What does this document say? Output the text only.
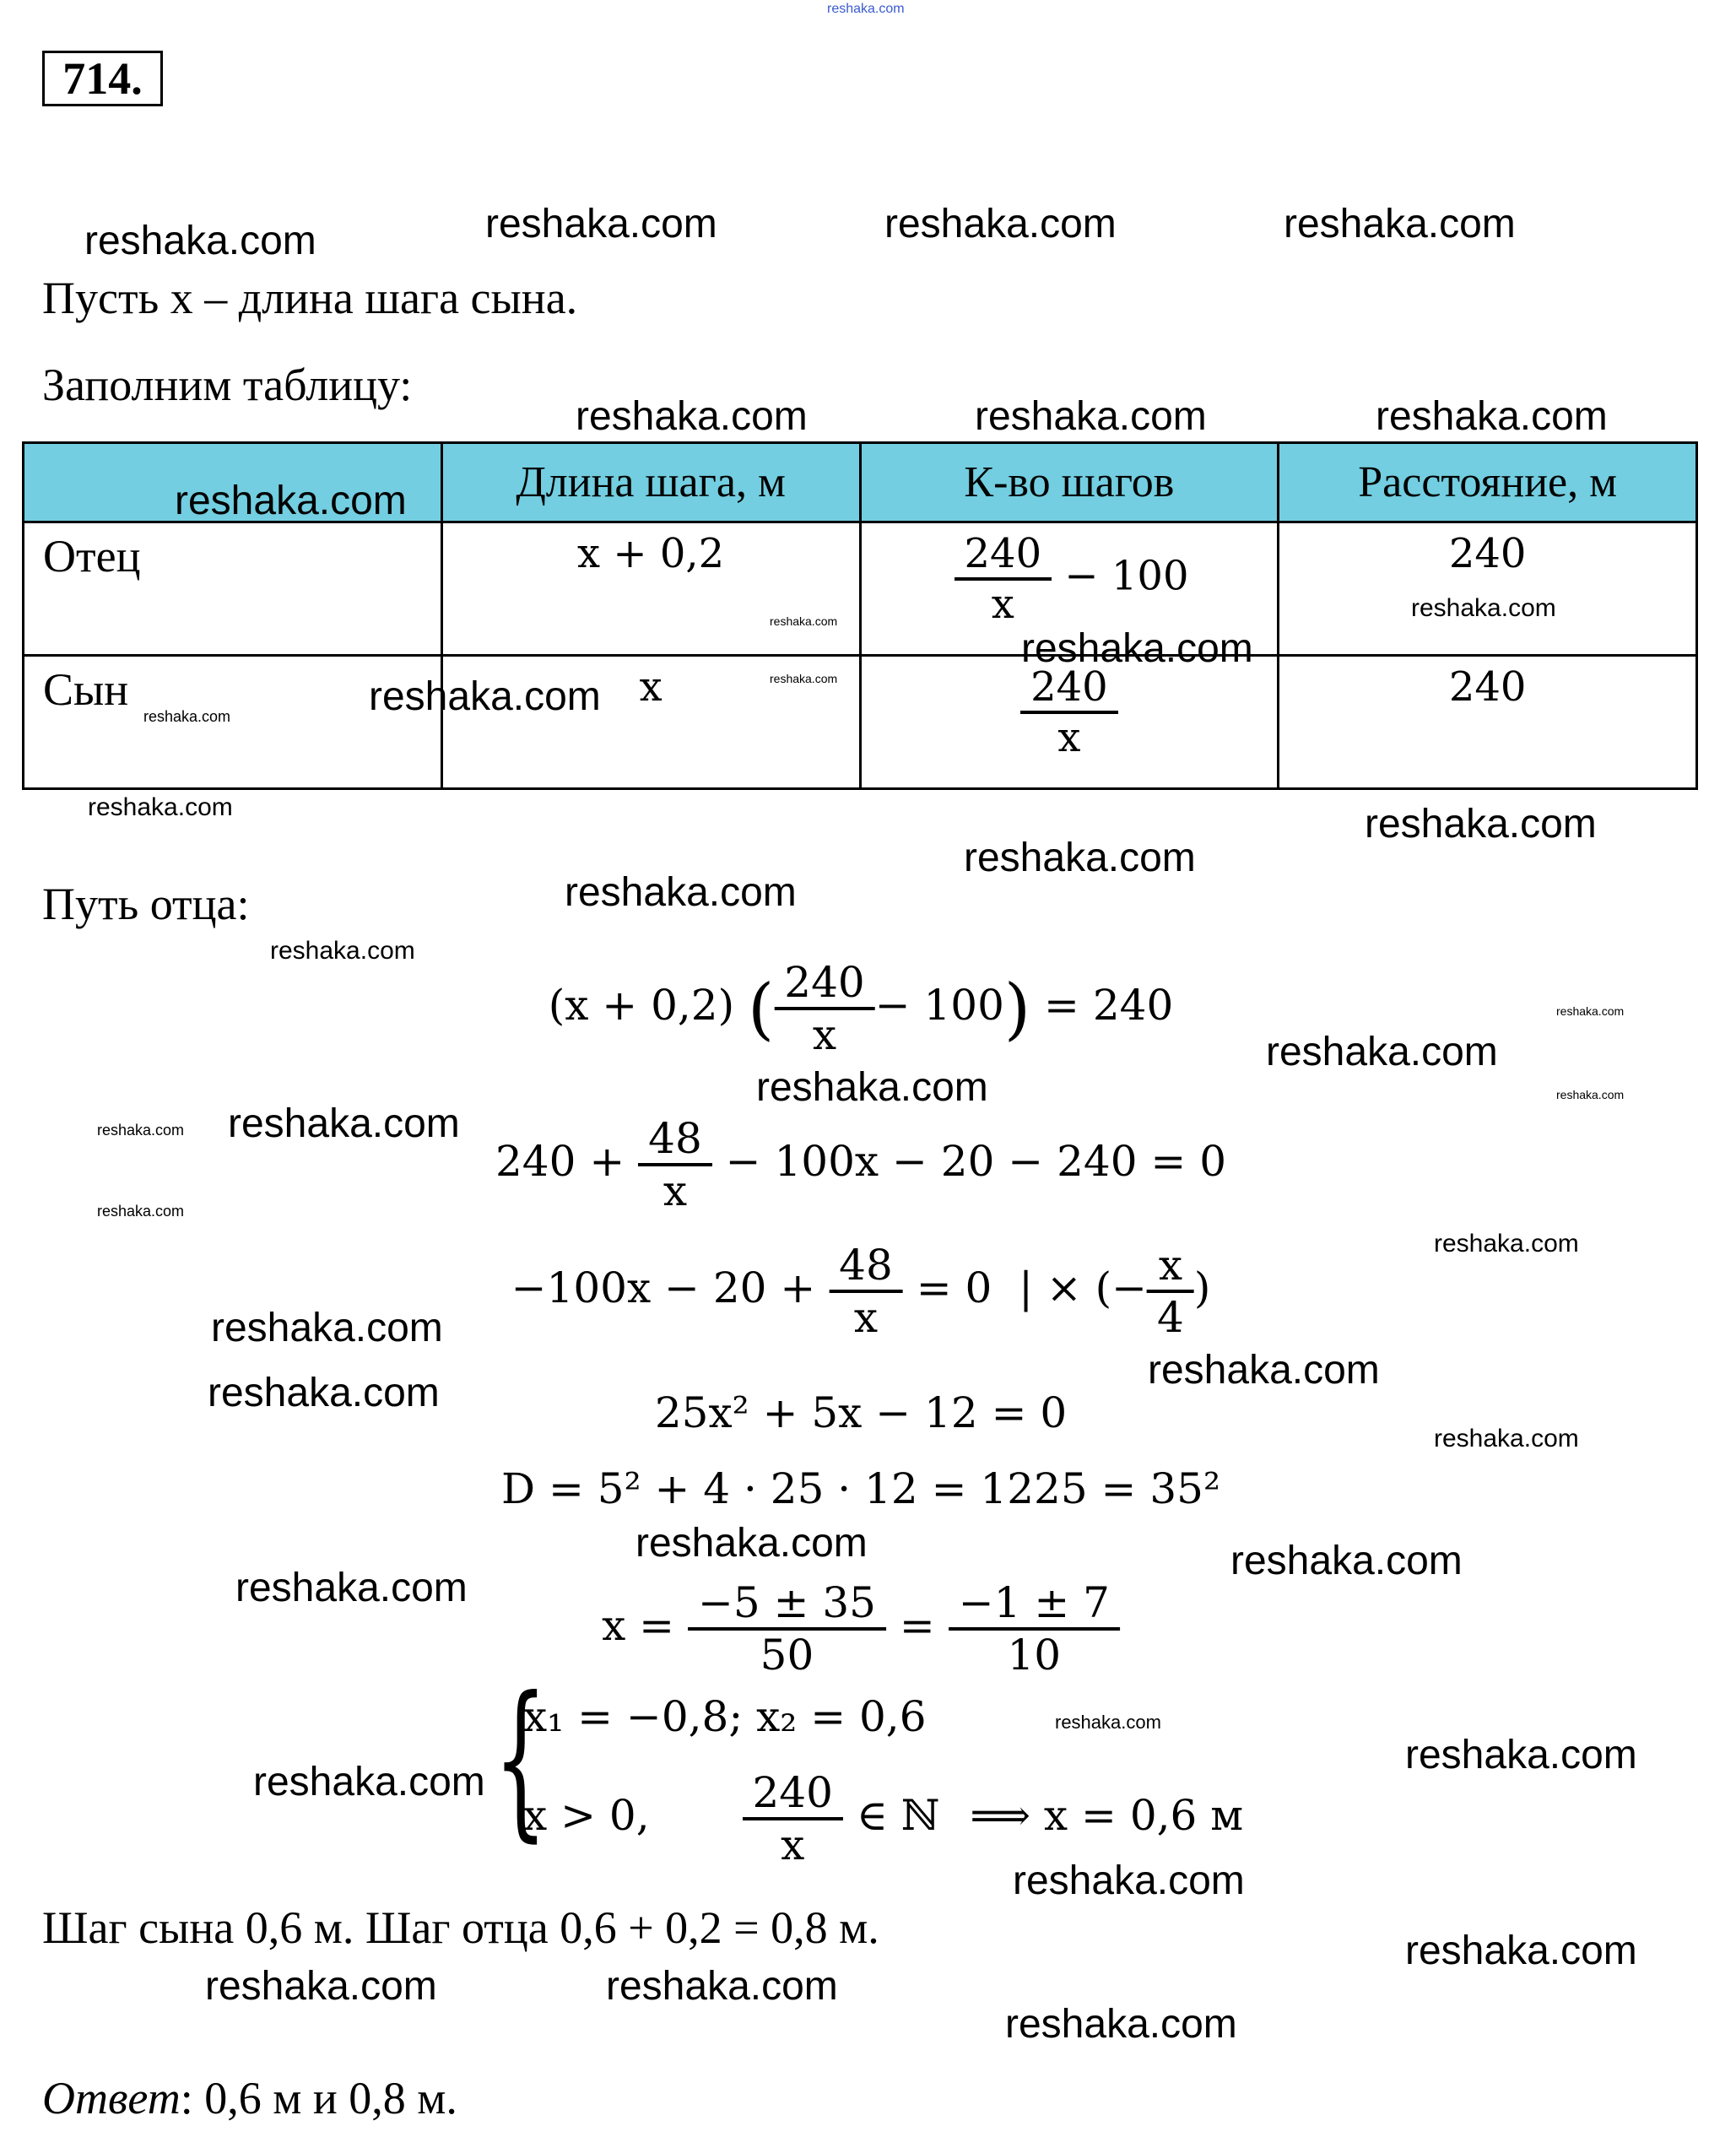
reshaka.com
714.
Пусть x – длина шага сына.
Заполним таблицу:
	Длина шага, м	К-во шагов	Расстояние, м

Отец	x + 0,2	$\frac{240}{x} - 100$	240

Сын	x	$\frac{240}{x}$	240
Путь отца:
(x + 0,2) ( $\frac{240}{x} - 100) = 240$
$240 + \frac{48}{x} - 100x - 20 - 240 = 0$
$-100x - 20 + \frac{48}{x} = 0$  | × (− $\frac{x}{4}$ )
25x² + 5x − 12 = 0
D = 5² + 4 · 25 · 12 = 1225 = 35²
$x = \frac{-5 \pm 35}{50} = \frac{-1 \pm 7}{10}$
{
x₁ = −0,8; x₂ = 0,6
x > 0, $\frac{240}{x}$ ∈ ℕ ⟹ x = 0,6 м
Шаг сына 0,6 м. Шаг отца 0,6 + 0,2 = 0,8 м.
Ответ: 0,6 м и 0,8 м.
reshaka.com	reshaka.com	reshaka.com	reshaka.com
reshaka.com	reshaka.com	reshaka.com
reshaka.com
reshaka.com
reshaka.com
reshaka.com
reshaka.com
reshaka.com
reshaka.com
reshaka.com
reshaka.com
reshaka.com
reshaka.com
reshaka.com
reshaka.com
reshaka.com
reshaka.com
reshaka.com
reshaka.com
reshaka.com
reshaka.com
reshaka.com	reshaka.com
reshaka.com
reshaka.com
reshaka.com
reshaka.com
reshaka.com
reshaka.com
reshaka.com
reshaka.com
reshaka.com
reshaka.com
reshaka.com
reshaka.com
reshaka.com
reshaka.com
